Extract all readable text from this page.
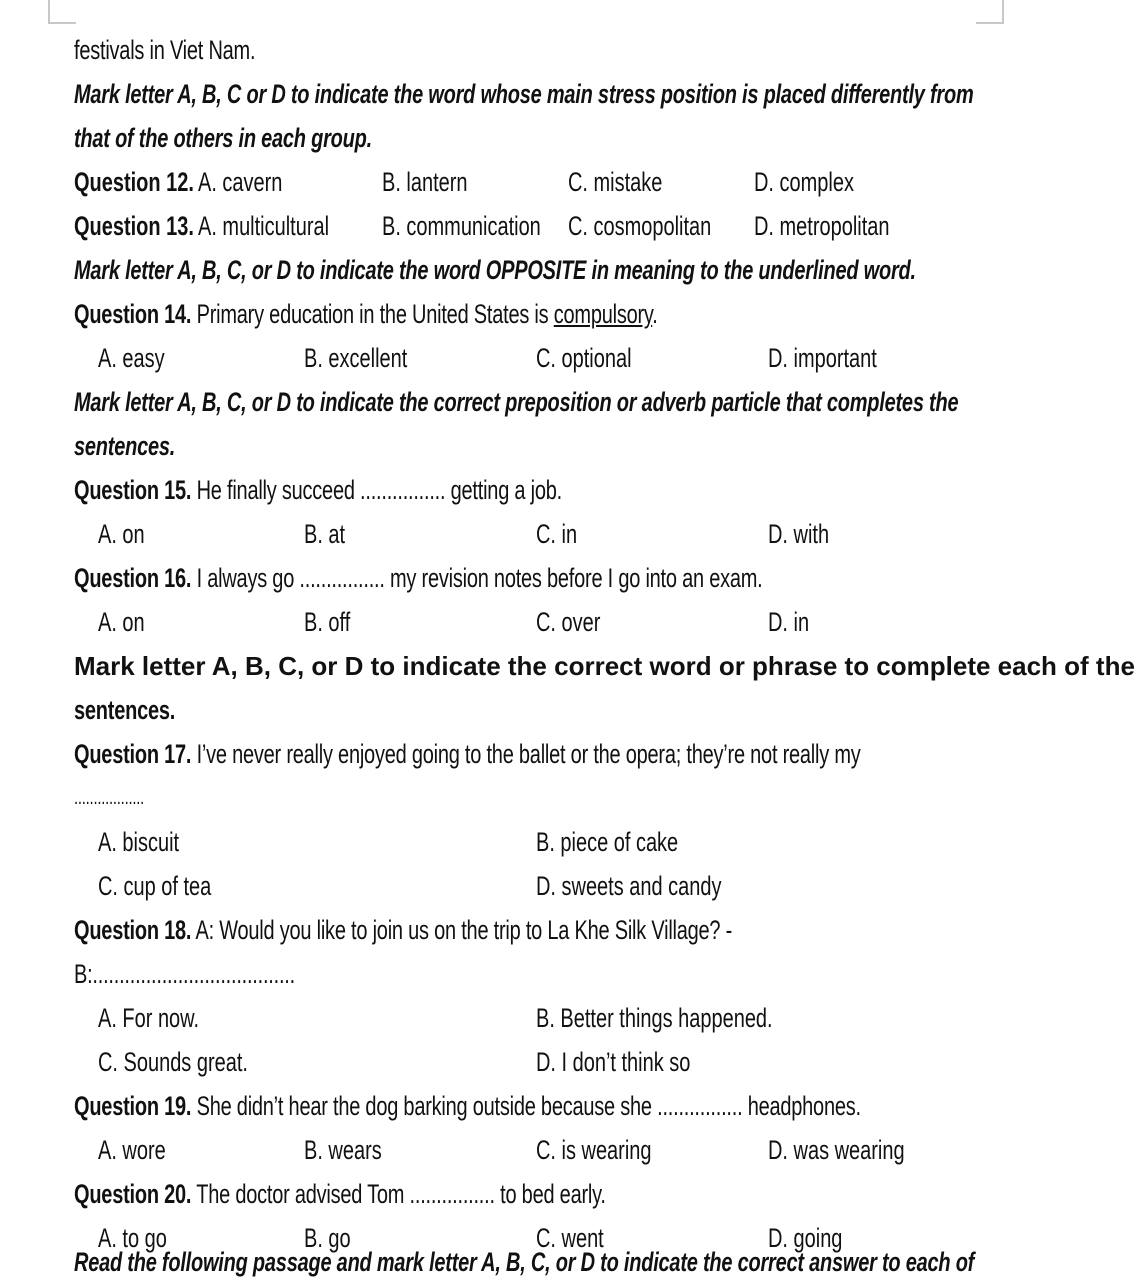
festivals in Viet Nam.
Mark letter A, B, C or D to indicate the word whose main stress position is placed differently from
that of the others in each group.
Question 12. A. cavern	B. lantern	C. mistake	D. complex
Question 13. A. multicultural B. communication C. cosmopolitan D. metropolitan
Mark letter A, B, C, or D to indicate the word OPPOSITE in meaning to the underlined word.
Question 14. Primary education in the United States is compulsory.
A. easy	B. excellent	C. optional	D. important
Mark letter A, B, C, or D to indicate the correct preposition or adverb particle that completes the
sentences.
Question 15. He finally succeed ................ getting a job.
A. on	B. at	C. in	D. with
Question 16. I always go ................ my revision notes before I go into an exam.
A. on	B. off	C. over	D. in
Mark letter A, B, C, or D to indicate the correct word or phrase to complete each of the
sentences.
Question 17. I’ve never really enjoyed going to the ballet or the opera; they’re not really my
..................
A. biscuit	B. piece of cake
C. cup of tea	D. sweets and candy
Question 18. A: Would you like to join us on the trip to La Khe Silk Village? -
B:......................................
A. For now.	B. Better things happened.
C. Sounds great.	D. I don’t think so
Question 19. She didn’t hear the dog barking outside because she ................ headphones.
A. wore	B. wears	C. is wearing	D. was wearing
Question 20. The doctor advised Tom ................ to bed early.
A. to go	B. go	C. went	D. going
Read the following passage and mark letter A, B, C, or D to indicate the correct answer to each of
